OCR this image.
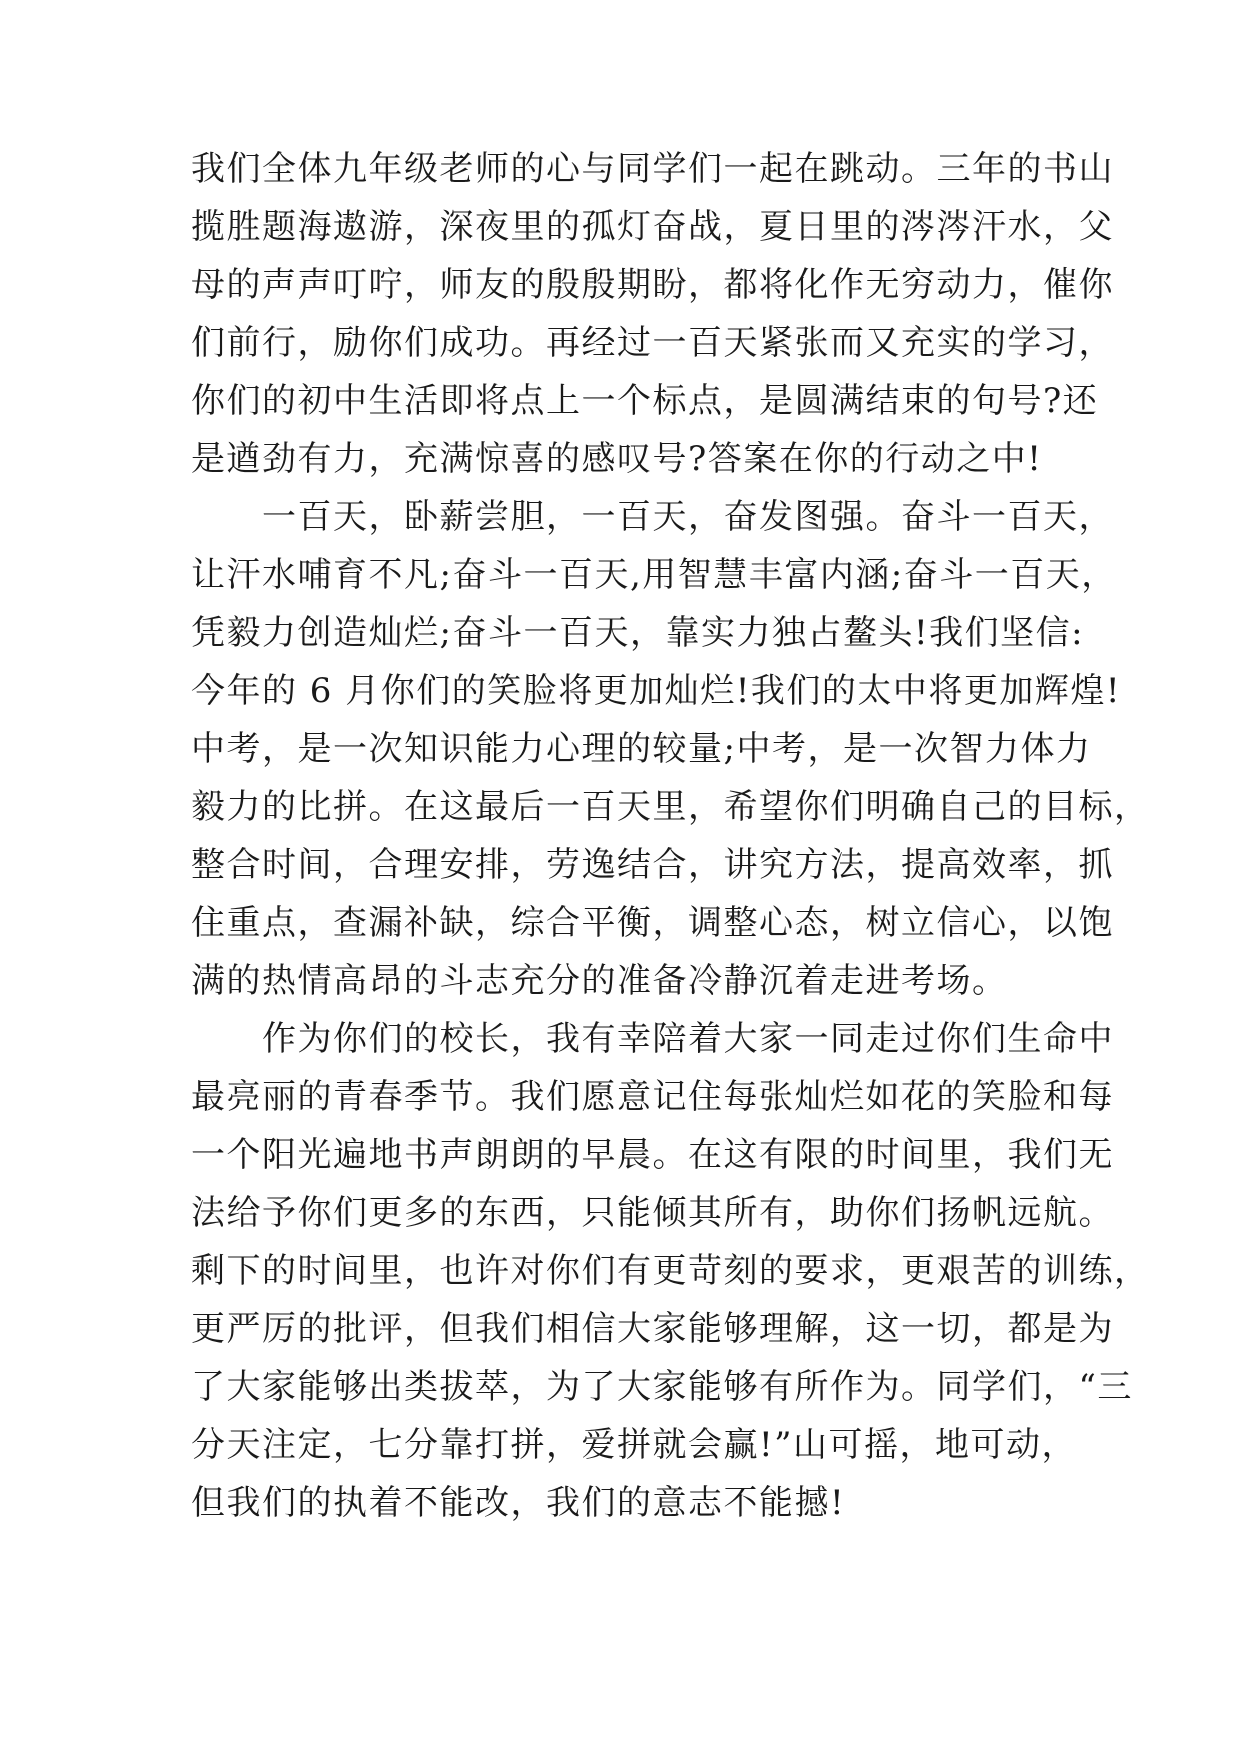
我们全体九年级老师的心与同学们一起在跳动。三年的书山
揽胜题海遨游，深夜里的孤灯奋战，夏日里的涔涔汗水，父
母的声声叮咛，师友的殷殷期盼，都将化作无穷动力，催你
们前行，励你们成功。再经过一百天紧张而又充实的学习，
你们的初中生活即将点上一个标点，是圆满结束的句号?还
是遒劲有力，充满惊喜的感叹号?答案在你的行动之中!
　　一百天，卧薪尝胆，一百天，奋发图强。奋斗一百天，
让汗水哺育不凡;奋斗一百天,用智慧丰富内涵;奋斗一百天，
凭毅力创造灿烂;奋斗一百天，靠实力独占鳌头!我们坚信:
今年的 6 月你们的笑脸将更加灿烂!我们的太中将更加辉煌!
中考，是一次知识能力心理的较量;中考，是一次智力体力
毅力的比拼。在这最后一百天里，希望你们明确自己的目标，
整合时间，合理安排，劳逸结合，讲究方法，提高效率，抓
住重点，查漏补缺，综合平衡，调整心态，树立信心，以饱
满的热情高昂的斗志充分的准备冷静沉着走进考场。
　　作为你们的校长，我有幸陪着大家一同走过你们生命中
最亮丽的青春季节。我们愿意记住每张灿烂如花的笑脸和每
一个阳光遍地书声朗朗的早晨。在这有限的时间里，我们无
法给予你们更多的东西，只能倾其所有，助你们扬帆远航。
剩下的时间里，也许对你们有更苛刻的要求，更艰苦的训练，
更严厉的批评，但我们相信大家能够理解，这一切，都是为
了大家能够出类拔萃，为了大家能够有所作为。同学们，“三
分天注定，七分靠打拼，爱拼就会赢!”山可摇，地可动，
但我们的执着不能改，我们的意志不能撼!
